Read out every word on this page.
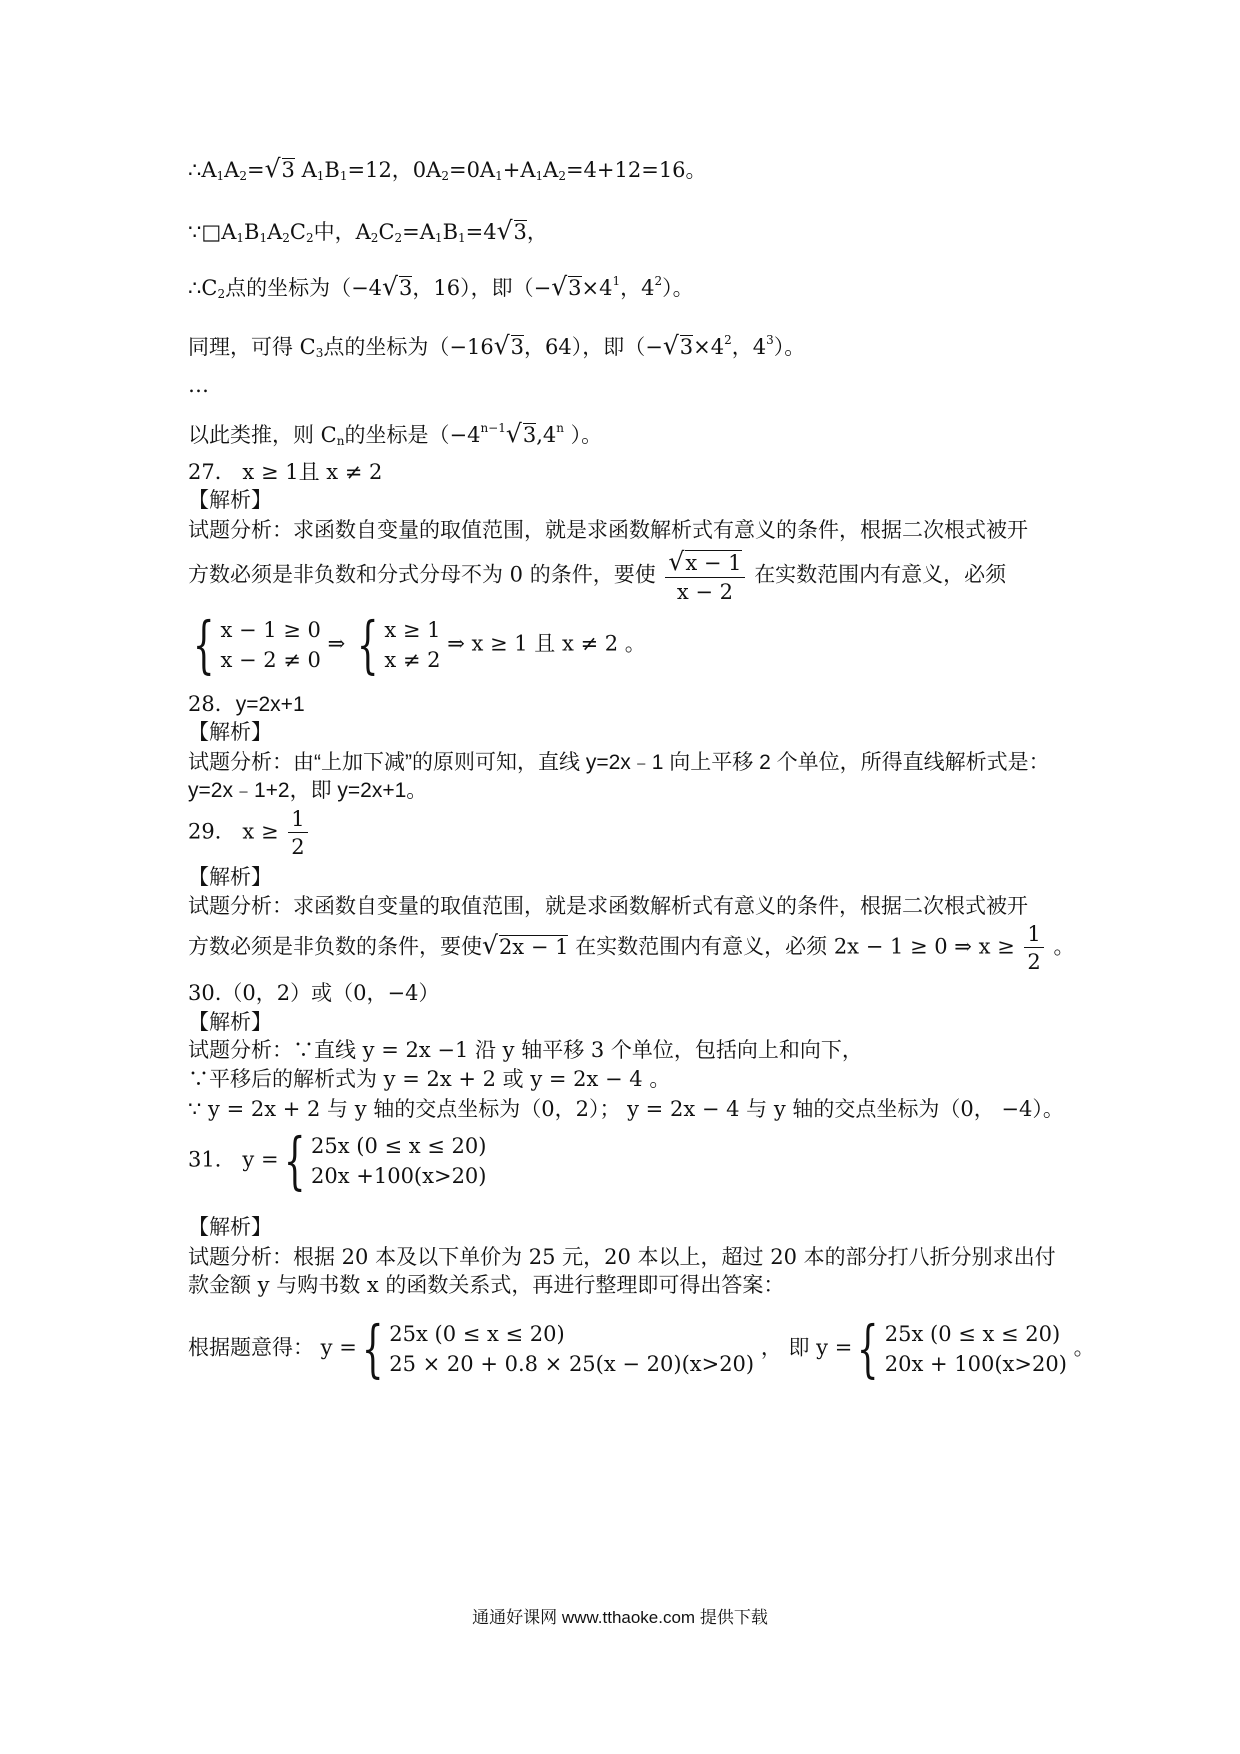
$\therefore A_1A_2=√3$ $A_1B_1=12$，$0A_2=0A_1+A_1A_2=4+12=16$。
$\because□A_1B_1A_2C_2$中，$A_2C_2=A_1B_1=4√3$，
$\therefore C_2$点的坐标为（−4√3，16），即（$-√3\times 4^1$，$4^2$）。
同理，可得 $C_3$点的坐标为（−16√3，64），即（$-√3\times 4^2$，$4^3$）。
…
以此类推，则 $C_n$的坐标是（$-4^{n-1}√3,4^n$ ）。
27． x ≥ 1且 x ≠ 2
【解析】
试题分析：求函数自变量的取值范围，就是求函数解析式有意义的条件，根据二次根式被开
方数必须是非负数和分式分母不为 0 的条件，要使 $\frac{√x - 1}{x - 2}$ 在实数范围内有意义，必须
{ x − 1 ≥ 0
x − 2 ≠ 0
⇒ { x ≥ 1
x ≠ 2
⇒ x ≥ 1 且 x ≠ 2 。
28．y=2x+1
【解析】
试题分析：由“上加下减”的原则可知，直线 y=2x﹣1 向上平移 2 个单位，所得直线解析式是：
y=2x﹣1+2，即 y=2x+1。
29． $x \ge \frac{1}{2}$
【解析】
试题分析：求函数自变量的取值范围，就是求函数解析式有意义的条件，根据二次根式被开
方数必须是非负数的条件，要使√2x − 1 在实数范围内有意义，必须 2x − 1 ≥ 0 ⇒ $x \ge \frac{1}{2}$ 。
30.（0，2）或（0，−4）
【解析】
试题分析：∵直线 y = 2x −1 沿 y 轴平移 3 个单位，包括向上和向下，
∵平移后的解析式为 y = 2x + 2 或 y = 2x − 4 。
∵ y = 2x + 2 与 y 轴的交点坐标为（0，2）； y = 2x − 4 与 y 轴的交点坐标为（0， −4）。
31． y ={ 25x (0 ≤ x ≤ 20)
20x +100(x>20)
【解析】
试题分析：根据 20 本及以下单价为 25 元，20 本以上，超过 20 本的部分打八折分别求出付
款金额 y 与购书数 x 的函数关系式，再进行整理即可得出答案：
根据题意得： y ={ 25x (0 ≤ x ≤ 20)
25 × 20 + 0.8 × 25(x − 20)(x>20)
， 即 y ={ 25x (0 ≤ x ≤ 20)
20x + 100(x>20)
。
通通好课网 www.tthaoke.com 提供下载
